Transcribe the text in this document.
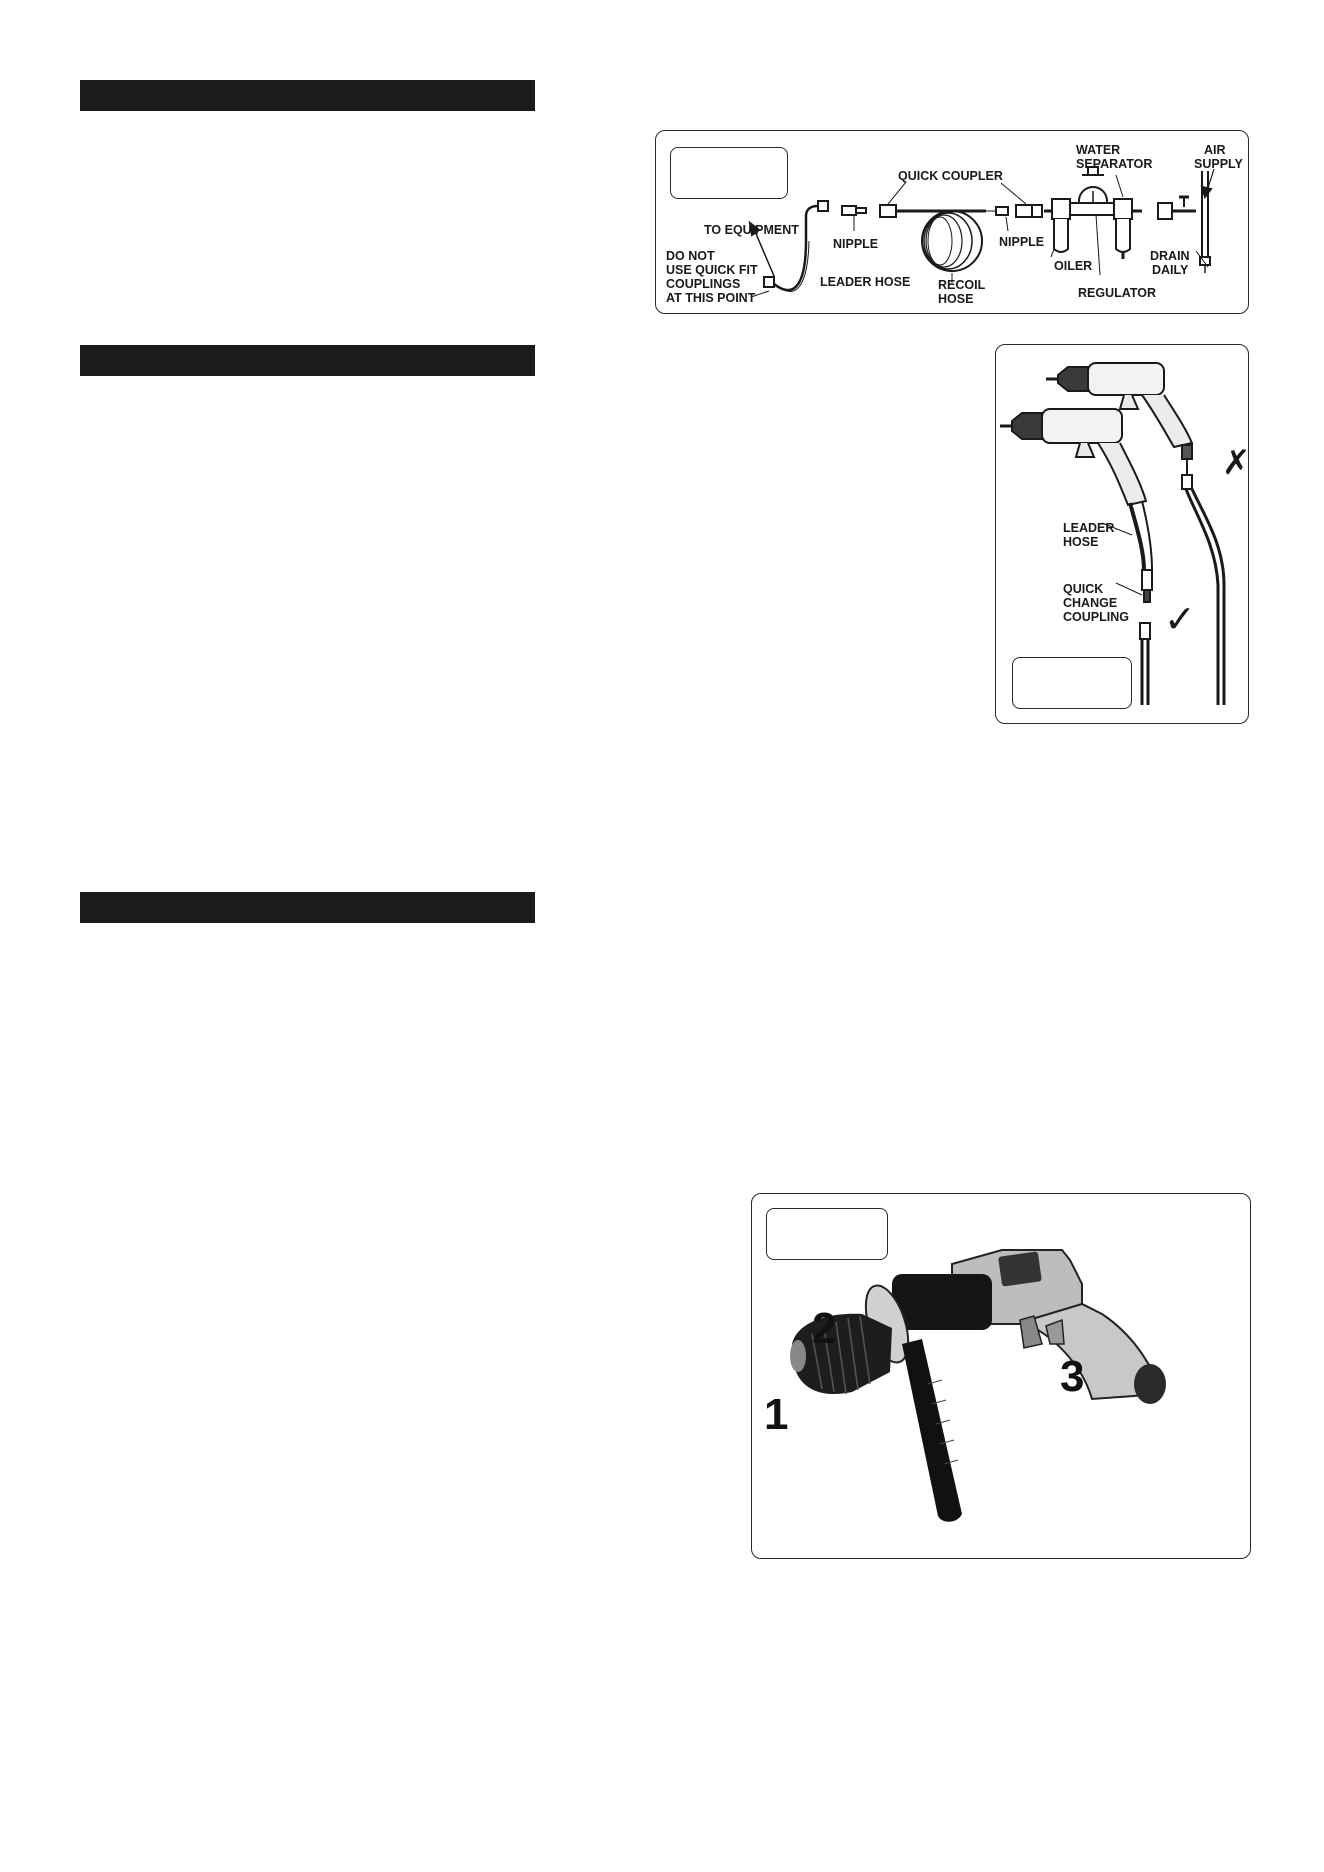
TO EQUIPMENT
DO NOT
USE QUICK FIT
COUPLINGS
AT THIS POINT
NIPPLE
LEADER HOSE
QUICK COUPLER
RECOIL
HOSE
NIPPLE
WATER
SEPARATOR
OILER
REGULATOR
AIR
SUPPLY
DRAIN
DAILY
LEADER
HOSE
QUICK
CHANGE
COUPLING
✗
✓
1
2
3
